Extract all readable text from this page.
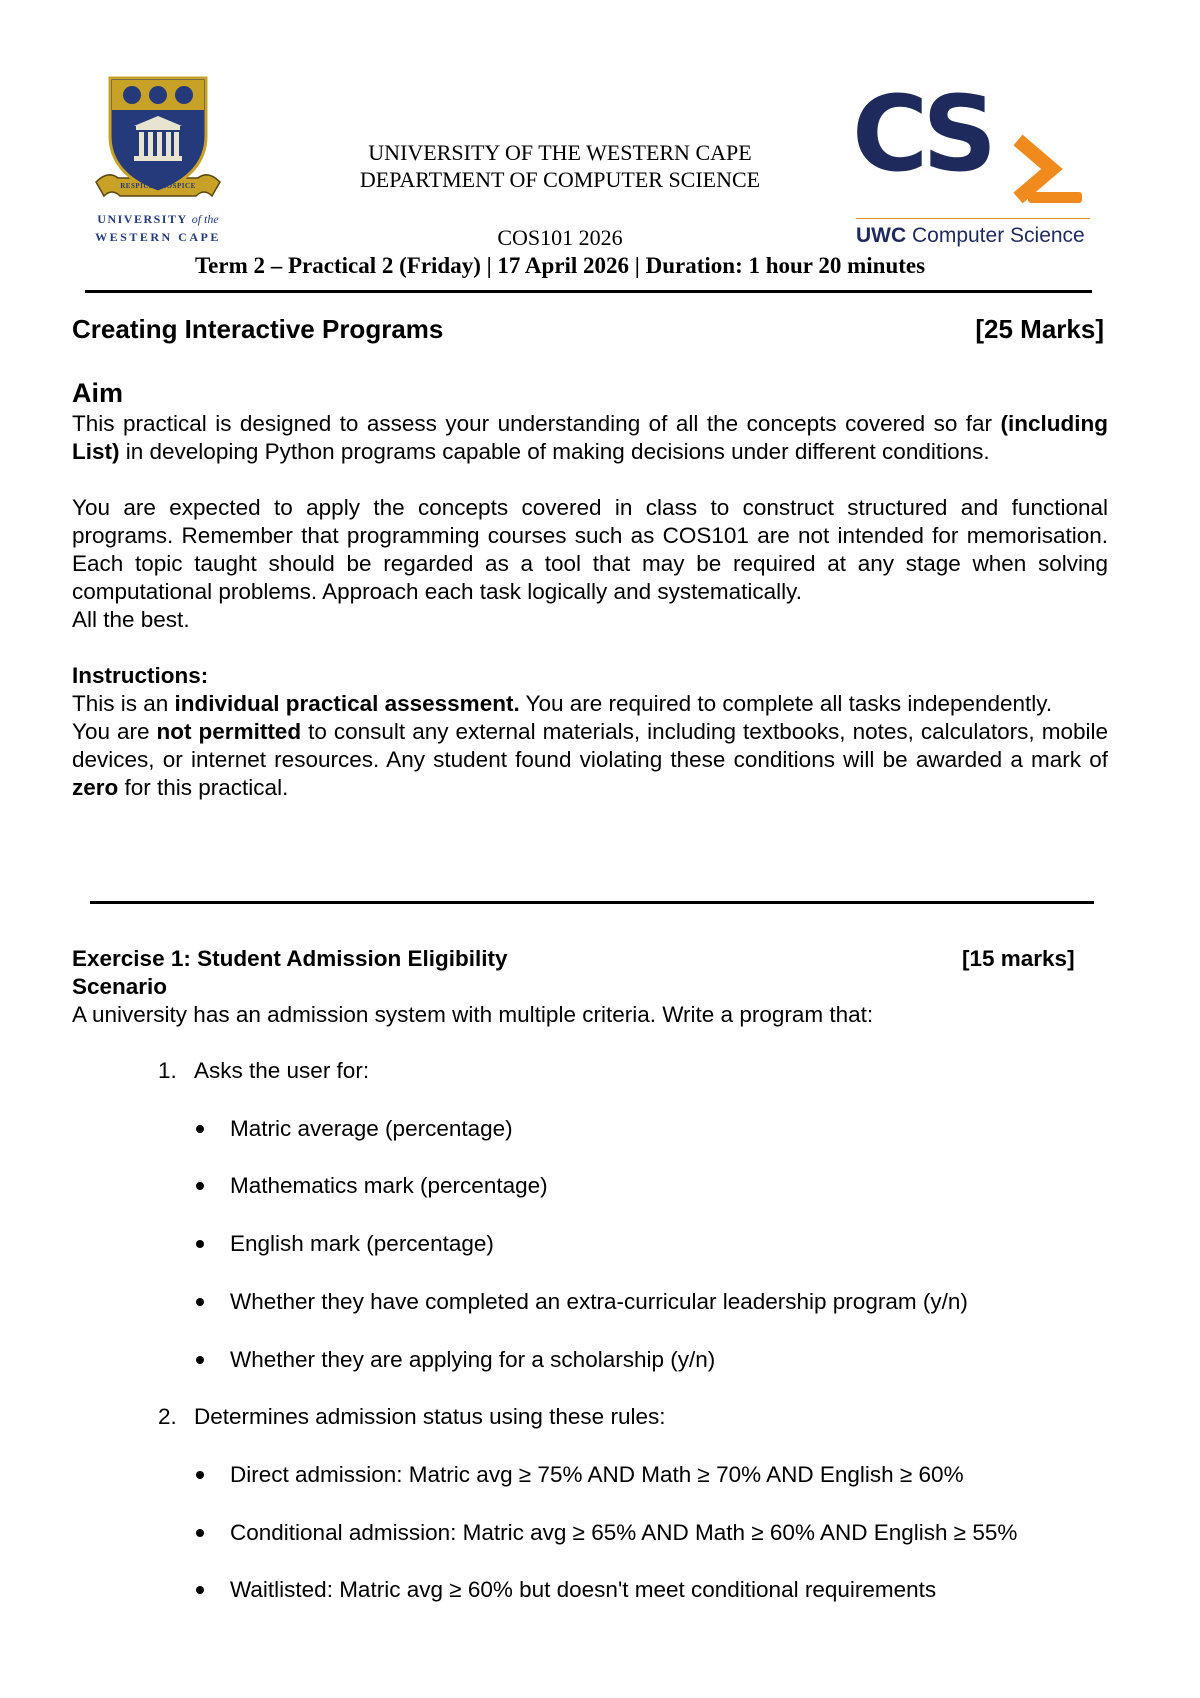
RESPICE PROSPICE
UNIVERSITY of the
WESTERN CAPE
UNIVERSITY OF THE WESTERN CAPE
DEPARTMENT OF COMPUTER SCIENCE
COS101 2026
CS
UWC Computer Science
Term 2 – Practical 2 (Friday) | 17 April 2026 | Duration: 1 hour 20 minutes
Creating Interactive Programs	[25 Marks]
Aim

This practical is designed to assess your understanding of all the concepts covered so far (including List) in developing Python programs capable of making decisions under different conditions.

You are expected to apply the concepts covered in class to construct structured and functional programs. Remember that programming courses such as COS101 are not intended for memorisation. Each topic taught should be regarded as a tool that may be required at any stage when solving computational problems. Approach each task logically and systematically.

All the best.

Instructions:

This is an individual practical assessment. You are required to complete all tasks independently.

You are not permitted to consult any external materials, including textbooks, notes, calculators, mobile devices, or internet resources. Any student found violating these conditions will be awarded a mark of zero for this practical.

Exercise 1: Student Admission Eligibility	[15 marks]
Scenario
A university has an admission system with multiple criteria. Write a program that:
1. Asks the user for:
Matric average (percentage)
Mathematics mark (percentage)
English mark (percentage)
Whether they have completed an extra-curricular leadership program (y/n)
Whether they are applying for a scholarship (y/n)
2. Determines admission status using these rules:
Direct admission: Matric avg ≥ 75% AND Math ≥ 70% AND English ≥ 60%
Conditional admission: Matric avg ≥ 65% AND Math ≥ 60% AND English ≥ 55%
Waitlisted: Matric avg ≥ 60% but doesn't meet conditional requirements
